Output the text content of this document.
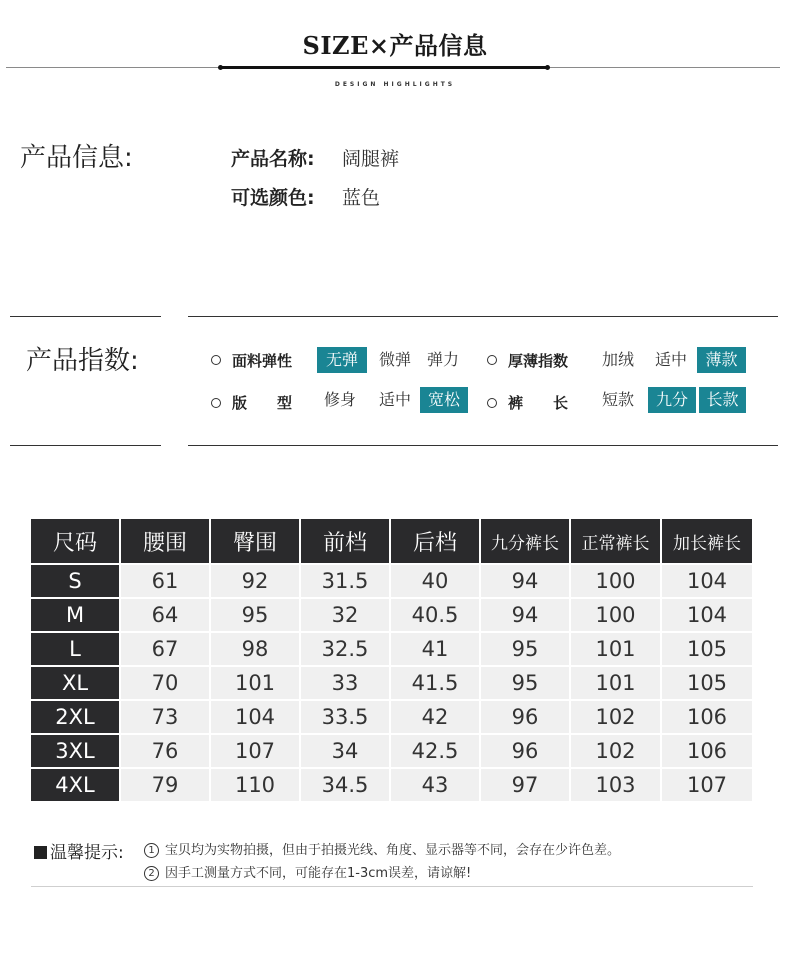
SIZE×产品信息
DESIGN HIGHLIGHTS
产品信息:	产品名称: 阔腿裤
可选颜色: 蓝色
产品指数:	面料弹性	无弹	微弹 弹力	厚薄指数	加绒	适中	薄款
版　　型	修身	适中	宽松	裤　　长	短款	九分	长款
尺码	腰围	臀围	前档	后档	九分裤长	正常裤长	加长裤长
S	61	92	31.5	40	94	100	104
M	64	95	32	40.5	94	100	104
L	67	98	32.5	41	95	101	105
XL	70	101	33	41.5	95	101	105
2XL	73	104	33.5	42	96	102	106
3XL	76	107	34	42.5	96	102	106
4XL	79	110	34.5	43	97	103	107
温馨提示:	1 宝贝均为实物拍摄，但由于拍摄光线、角度、显示器等不同，会存在少许色差。
2 因手工测量方式不同，可能存在1-3cm误差，请谅解!
